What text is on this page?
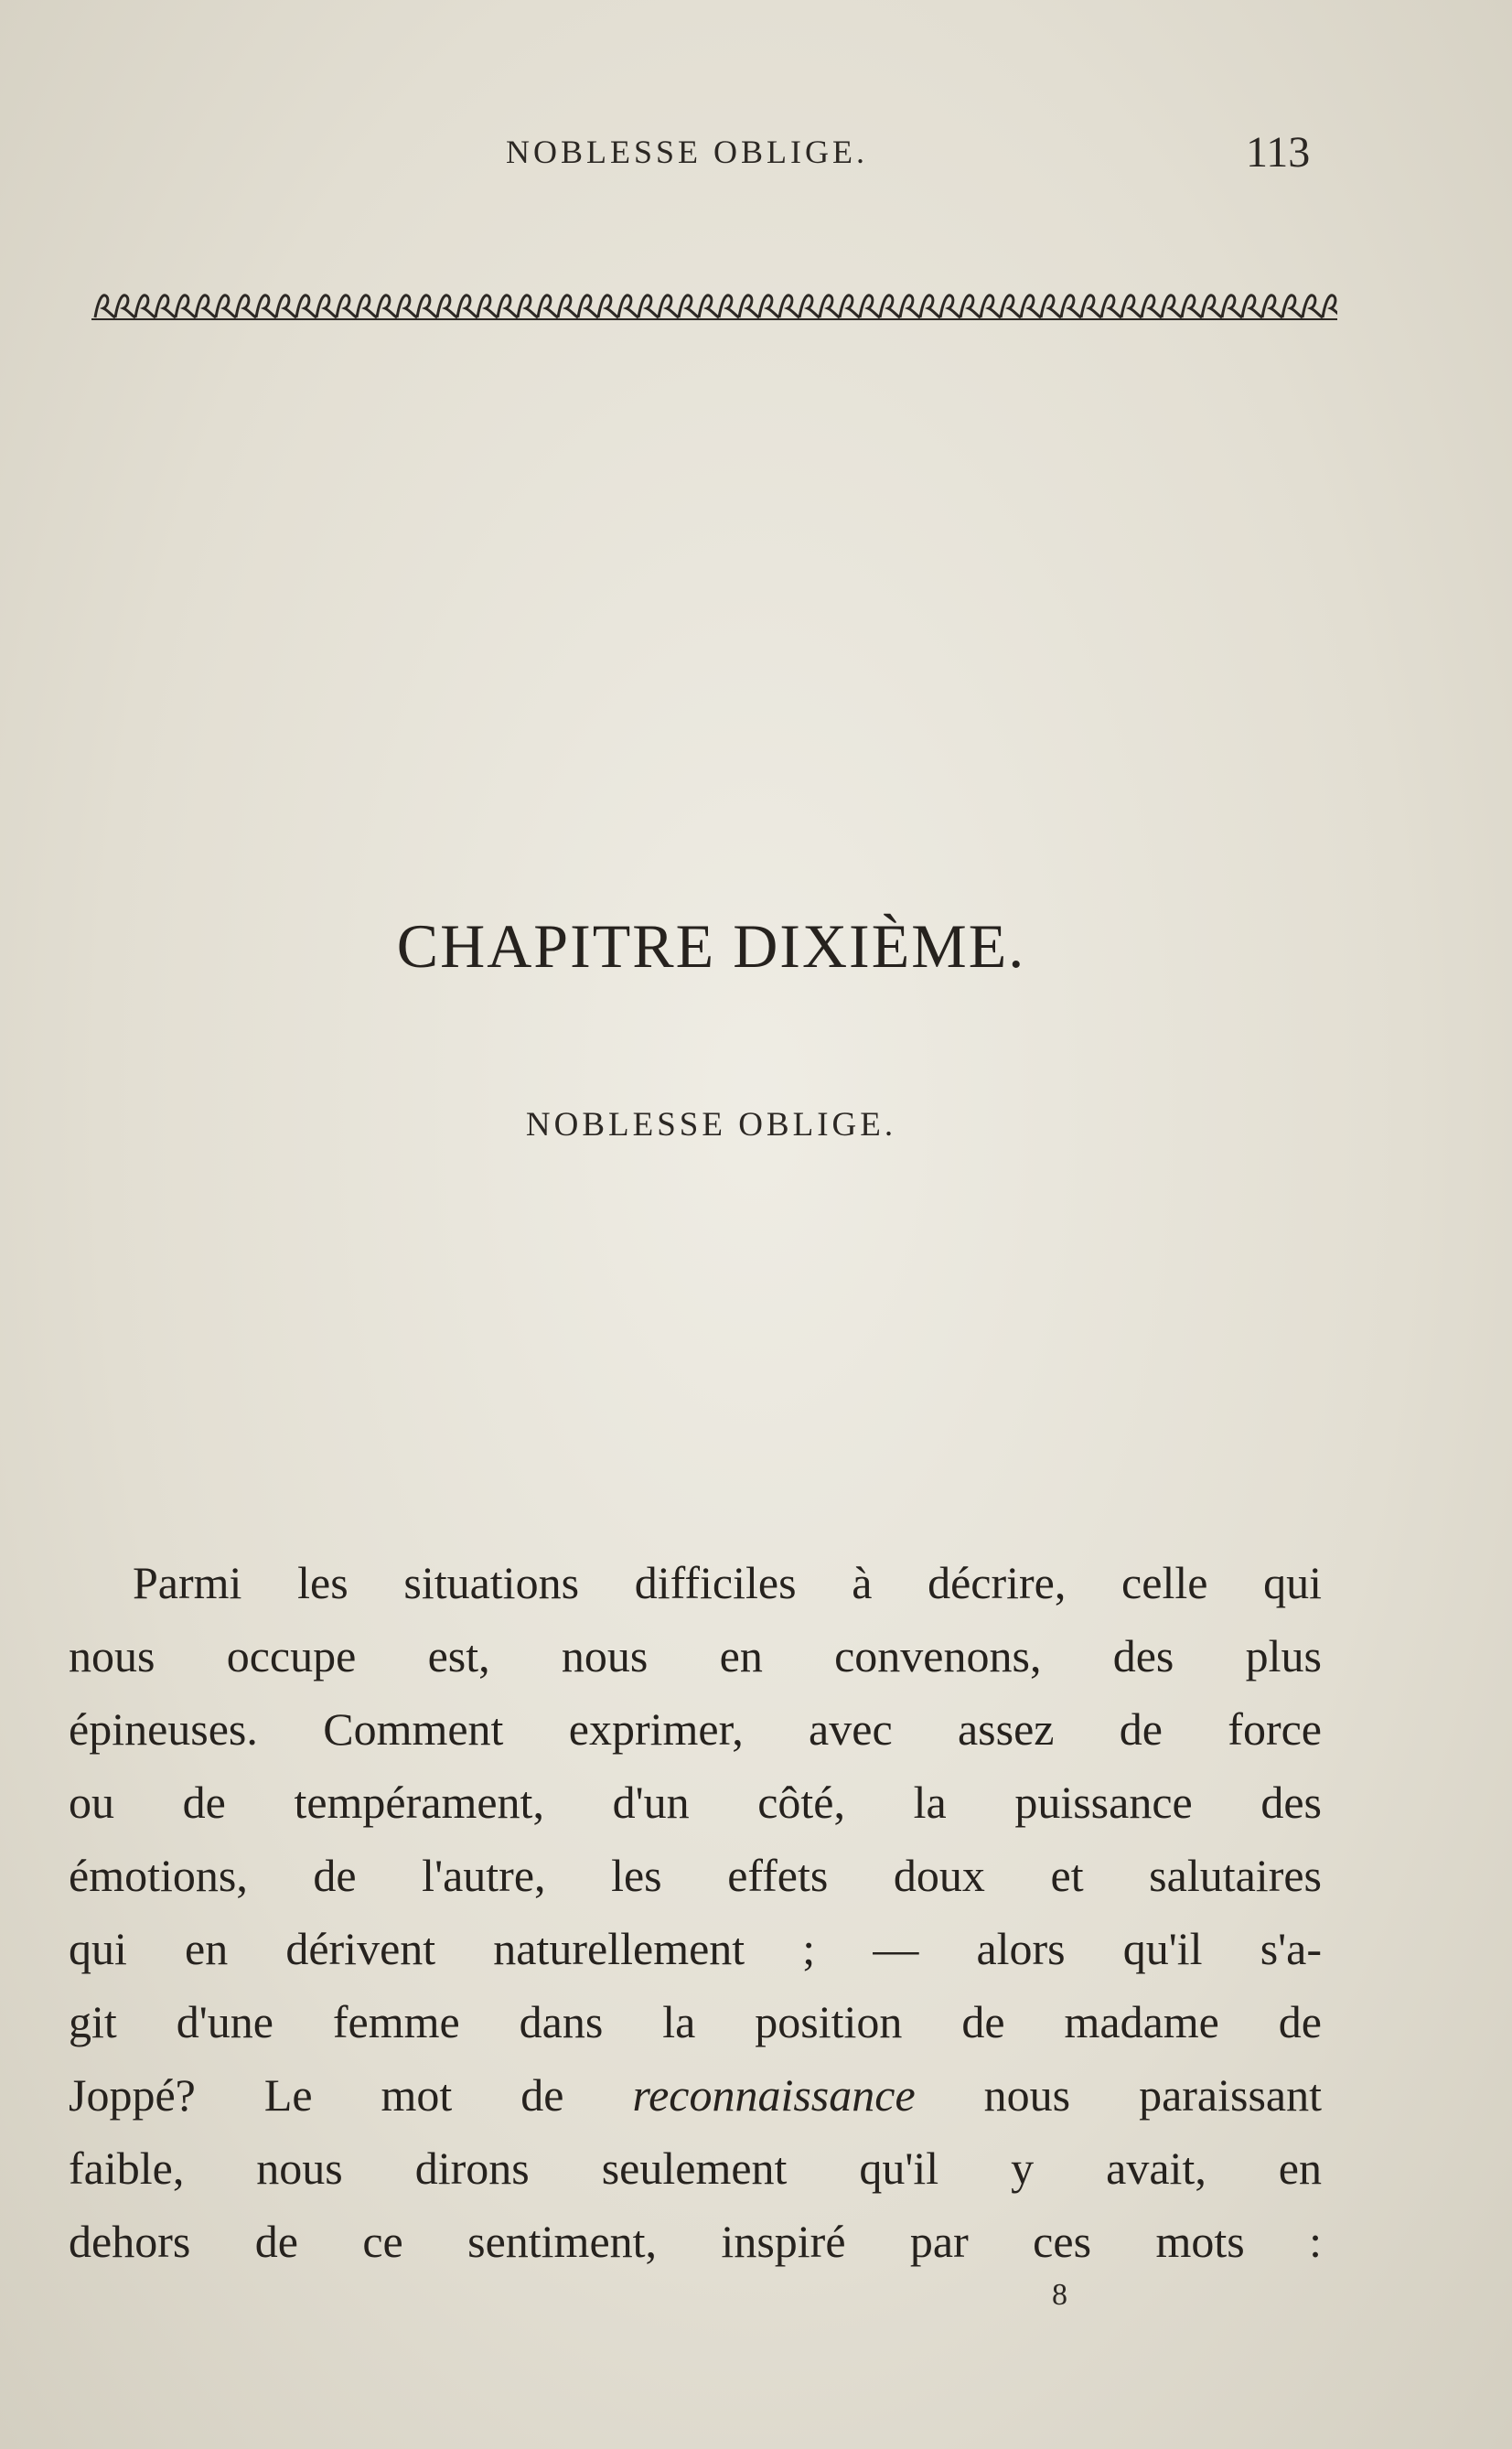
NOBLESSE OBLIGE.	113
CHAPITRE DIXIÈME.
NOBLESSE OBLIGE.
Parmi les situations difficiles à décrire, celle qui
nous occupe est, nous en convenons, des plus
épineuses. Comment exprimer, avec assez de force
ou de tempérament, d'un côté, la puissance des
émotions, de l'autre, les effets doux et salutaires
qui en dérivent naturellement ; — alors qu'il s'a-
git d'une femme dans la position de madame de
Joppé? Le mot de reconnaissance nous paraissant
faible, nous dirons seulement qu'il y avait, en
dehors de ce sentiment, inspiré par ces mots :
8
